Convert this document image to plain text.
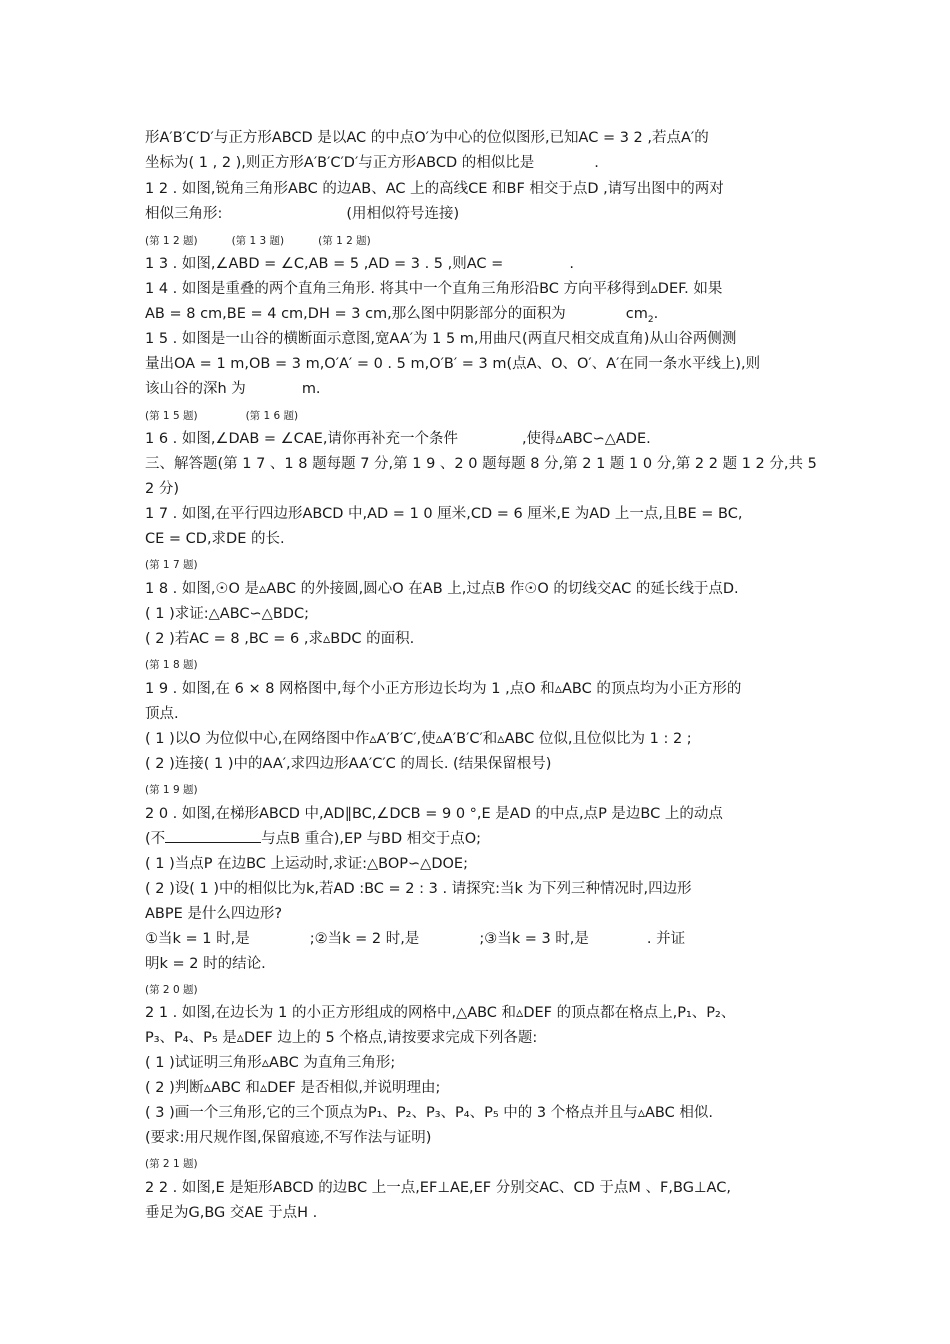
形A′B′C′D′与正方形ABCD 是以AC 的中点O′为中心的位似图形,已知AC = 3 2 ,若点A′的
坐标为( 1 , 2 ),则正方形A′B′C′D′与正方形ABCD 的相似比是	.
1 2 . 如图,锐角三角形ABC 的边AB、AC 上的高线CE 和BF 相交于点D ,请写出图中的两对
相似三角形:	(用相似符号连接)
(第 1 2 题)	(第 1 3 题)	(第 1 2 题)
1 3 . 如图,∠ABD = ∠C,AB = 5 ,AD = 3 . 5 ,则AC =	.
1 4 . 如图是重叠的两个直角三角形. 将其中一个直角三角形沿BC 方向平移得到▵DEF. 如果
AB = 8 cm,BE = 4 cm,DH = 3 cm,那么图中阴影部分的面积为	$cm_2$.
1 5 . 如图是一山谷的横断面示意图,宽AA′为 1 5 m,用曲尺(两直尺相交成直角)从山谷两侧测
量出OA = 1 m,OB = 3 m,O′A′ = 0 . 5 m,O′B′ = 3 m(点A、O、O′、A′在同一条水平线上),则
该山谷的深h 为	m.
(第 1 5 题)	(第 1 6 题)
1 6 . 如图,∠DAB = ∠CAE,请你再补充一个条件	,使得▵ABC∽△ADE.
三、解答题(第 1 7 、1 8 题每题 7 分,第 1 9 、2 0 题每题 8 分,第 2 1 题 1 0 分,第 2 2 题 1 2 分,共 5
2 分)
1 7 . 如图,在平行四边形ABCD 中,AD = 1 0 厘米,CD = 6 厘米,E 为AD 上一点,且BE = BC,
CE = CD,求DE 的长.
(第 1 7 题)
1 8 . 如图,☉O 是▵ABC 的外接圆,圆心O 在AB 上,过点B 作☉O 的切线交AC 的延长线于点D.
( 1 )求证:△ABC∽△BDC;
( 2 )若AC = 8 ,BC = 6 ,求▵BDC 的面积.
(第 1 8 题)
1 9 . 如图,在 6 × 8 网格图中,每个小正方形边长均为 1 ,点O 和▵ABC 的顶点均为小正方形的
顶点.
( 1 )以O 为位似中心,在网络图中作▵A′B′C′,使▵A′B′C′和▵ABC 位似,且位似比为 1 : 2 ;
( 2 )连接( 1 )中的AA′,求四边形AA′C′C 的周长. (结果保留根号)
(第 1 9 题)
2 0 . 如图,在梯形ABCD 中,AD∥BC,∠DCB = 9 0 °,E 是AD 的中点,点P 是边BC 上的动点
(不	与点B 重合),EP 与BD 相交于点O;
( 1 )当点P 在边BC 上运动时,求证:△BOP∽△DOE;
( 2 )设( 1 )中的相似比为k,若AD :BC = 2 : 3 . 请探究:当k 为下列三种情况时,四边形
ABPE 是什么四边形?
①当k = 1 时,是	;②当k = 2 时,是	;③当k = 3 时,是	. 并证
明k = 2 时的结论.
(第 2 0 题)
2 1 . 如图,在边长为 1 的小正方形组成的网格中,△ABC 和▵DEF 的顶点都在格点上,P₁、P₂、
P₃、P₄、P₅ 是▵DEF 边上的 5 个格点,请按要求完成下列各题:
( 1 )试证明三角形▵ABC 为直角三角形;
( 2 )判断▵ABC 和▵DEF 是否相似,并说明理由;
( 3 )画一个三角形,它的三个顶点为P₁、P₂、P₃、P₄、P₅ 中的 3 个格点并且与▵ABC 相似.
(要求:用尺规作图,保留痕迹,不写作法与证明)
(第 2 1 题)
2 2 . 如图,E 是矩形ABCD 的边BC 上一点,EF⊥AE,EF 分别交AC、CD 于点M 、F,BG⊥AC,
垂足为G,BG 交AE 于点H .
